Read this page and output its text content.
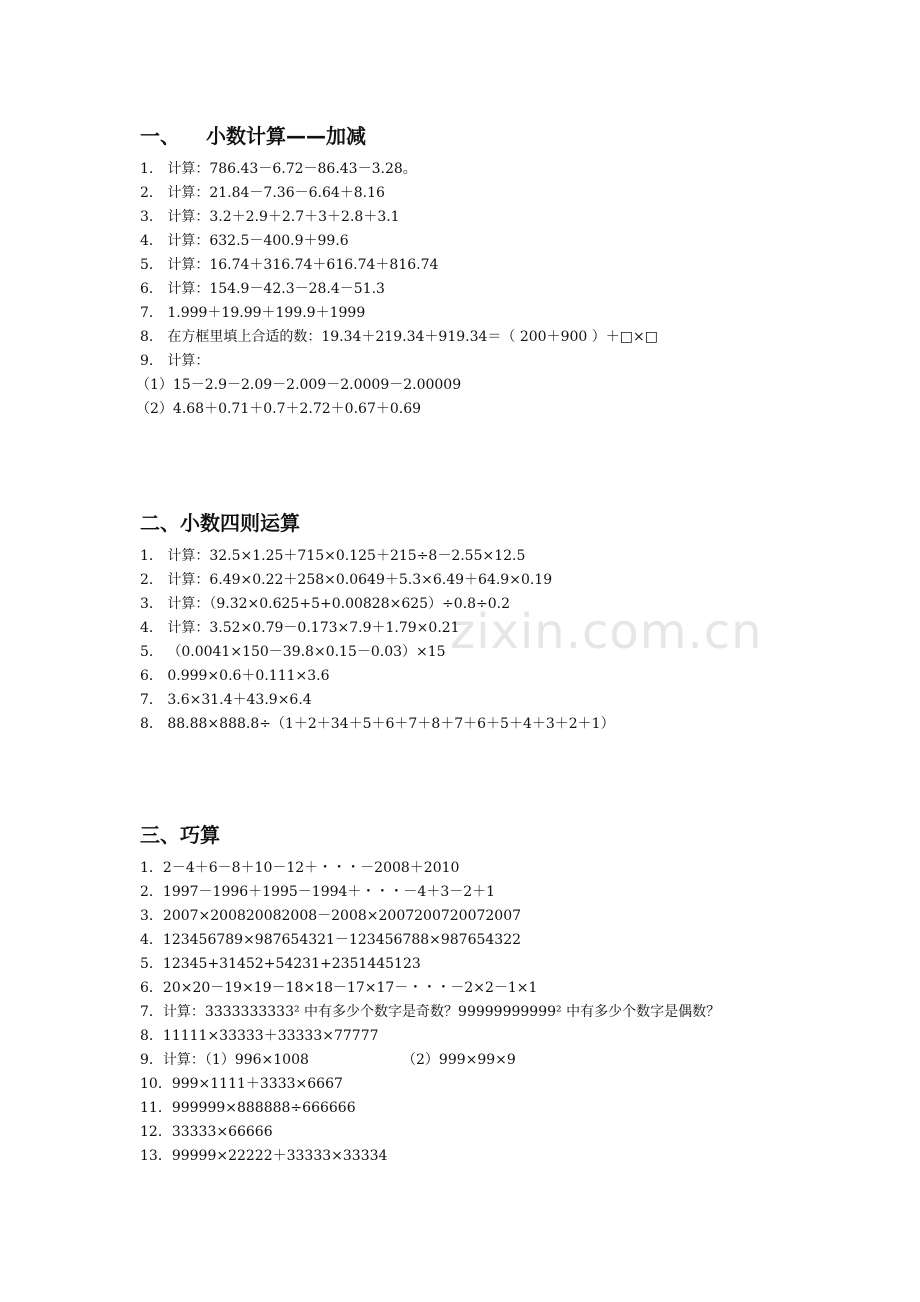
zixin.com.cn
一、 小数计算——加减
1． 计算：786.43－6.72－86.43－3.28。
2． 计算：21.84－7.36－6.64＋8.16
3． 计算：3.2＋2.9＋2.7＋3＋2.8＋3.1
4． 计算：632.5－400.9＋99.6
5． 计算：16.74＋316.74＋616.74＋816.74
6． 计算：154.9－42.3－28.4－51.3
7． 1.999＋19.99＋199.9＋1999
8． 在方框里填上合适的数：19.34＋219.34＋919.34＝（ 200＋900 ）＋□×□
9． 计算：
（1）15－2.9－2.09－2.009－2.0009－2.00009
（2）4.68＋0.71＋0.7＋2.72＋0.67＋0.69
二、小数四则运算
1． 计算：32.5×1.25＋715×0.125＋215÷8－2.55×12.5
2． 计算：6.49×0.22＋258×0.0649＋5.3×6.49＋64.9×0.19
3． 计算：（9.32×0.625+5+0.00828×625）÷0.8÷0.2
4． 计算：3.52×0.79－0.173×7.9＋1.79×0.21
5． （0.0041×150－39.8×0.15－0.03）×15
6． 0.999×0.6＋0.111×3.6
7． 3.6×31.4＋43.9×6.4
8． 88.88×888.8÷（1＋2＋34＋5＋6＋7＋8＋7＋6＋5＋4＋3＋2＋1）
三、巧算
1．2－4＋6－8＋10－12＋・・・－2008＋2010
2．1997－1996＋1995－1994＋・・・－4＋3－2＋1
3．2007×200820082008－2008×2007200720072007
4．123456789×987654321－123456788×987654322
5．12345+31452+54231+2351445123
6．20×20－19×19－18×18－17×17－・・・－2×2－1×1
7．计算：3333333333² 中有多少个数字是奇数？99999999999² 中有多少个数字是偶数？
8．11111×33333＋33333×77777
9．计算：（1）996×1008	（2）999×99×9
10．999×1111＋3333×6667
11．999999×888888÷666666
12．33333×66666
13．99999×22222＋33333×33334
